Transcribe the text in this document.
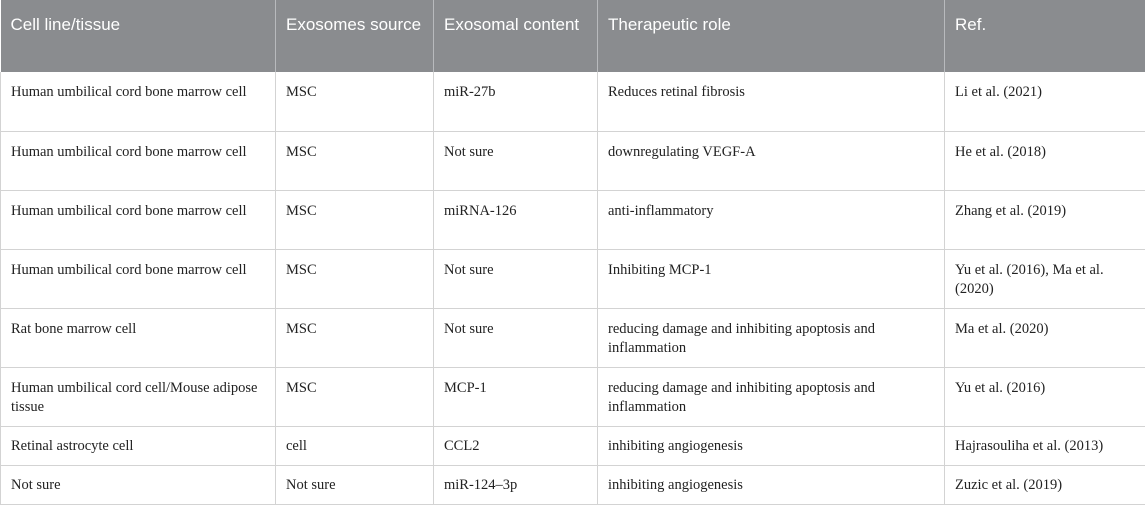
Cell line/tissue	Exosomes source	Exosomal content	Therapeutic role	Ref.
Human umbilical cord bone marrow cell	MSC	miR-27b	Reduces retinal fibrosis	Li et al. (2021)
Human umbilical cord bone marrow cell	MSC	Not sure	downregulating VEGF-A	He et al. (2018)
Human umbilical cord bone marrow cell	MSC	miRNA-126	anti-inflammatory	Zhang et al. (2019)
Human umbilical cord bone marrow cell	MSC	Not sure	Inhibiting MCP-1	Yu et al. (2016), Ma et al. (2020)
Rat bone marrow cell	MSC	Not sure	reducing damage and inhibiting apoptosis and inflammation	Ma et al. (2020)
Human umbilical cord cell/Mouse adipose tissue	MSC	MCP-1	reducing damage and inhibiting apoptosis and inflammation	Yu et al. (2016)
Retinal astrocyte cell	cell	CCL2	inhibiting angiogenesis	Hajrasouliha et al. (2013)
Not sure	Not sure	miR-124–3p	inhibiting angiogenesis	Zuzic et al. (2019)
